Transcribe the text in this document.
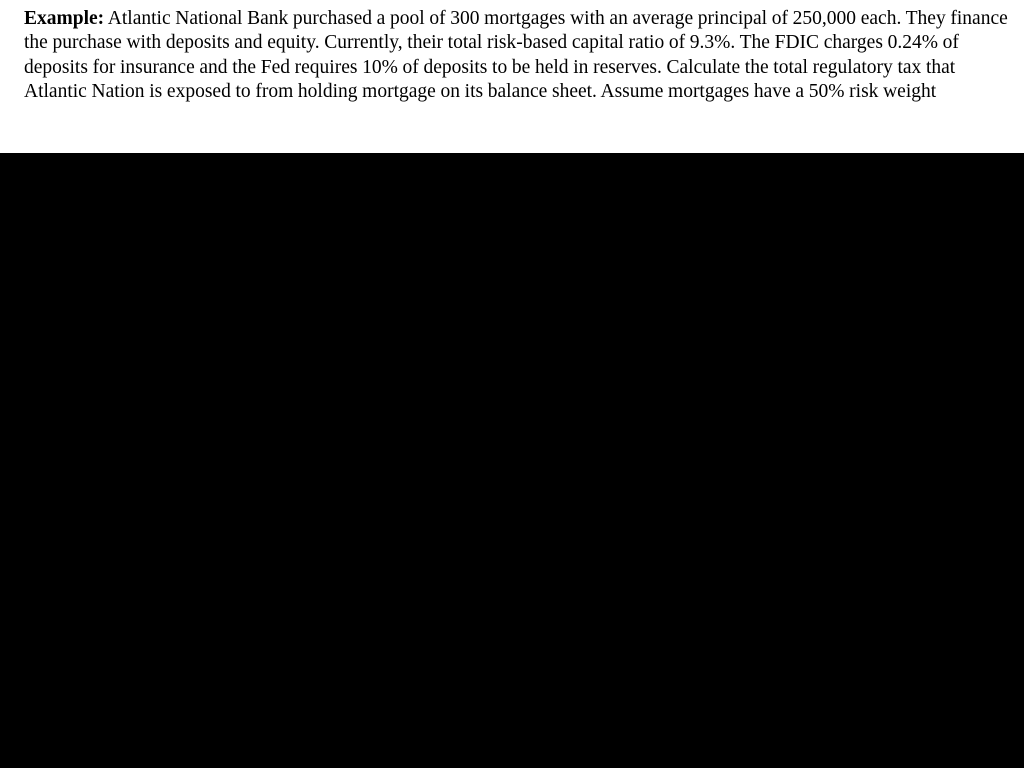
Example: Atlantic National Bank purchased a pool of 300 mortgages with an average principal of 250,000 each. They finance the purchase with deposits and equity. Currently, their total risk-based capital ratio of 9.3%. The FDIC charges 0.24% of deposits for insurance and the Fed requires 10% of deposits to be held in reserves. Calculate the total regulatory tax that Atlantic Nation is exposed to from holding mortgage on its balance sheet. Assume mortgages have a 50% risk weight
